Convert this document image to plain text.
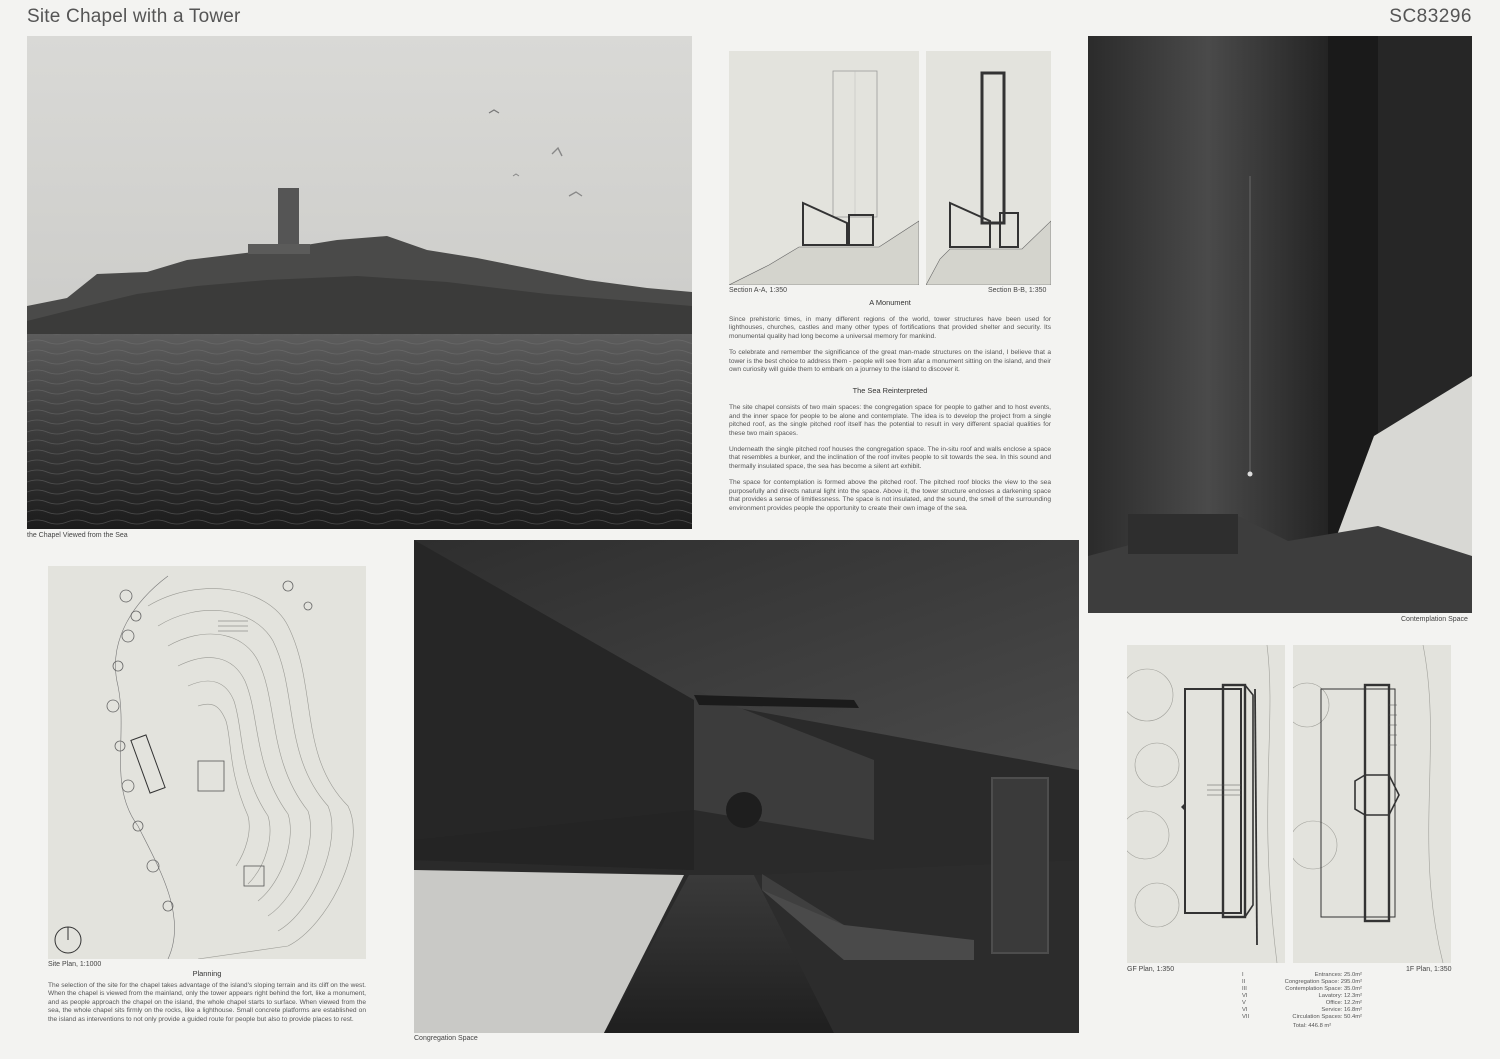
Site Chapel with a Tower	SC83296
the Chapel Viewed from the Sea
Section A-A, 1:350	Section B-B, 1:350
A Monument

Since prehistoric times, in many different regions of the world, tower structures have been used for lighthouses, churches, castles and many other types of fortifications that provided shelter and security. Its monumental quality had long become a universal memory for mankind.

To celebrate and remember the significance of the great man-made structures on the island, I believe that a tower is the best choice to address them - people will see from afar a monument sitting on the island, and their own curiosity will guide them to embark on a journey to the island to discover it.

The Sea Reinterpreted

The site chapel consists of two main spaces: the congregation space for people to gather and to host events, and the inner space for people to be alone and contemplate. The idea is to develop the project from a single pitched roof, as the single pitched roof itself has the potential to result in very different spacial qualities for these two main spaces.

Underneath the single pitched roof houses the congregation space. The in-situ roof and walls enclose a space that resembles a bunker, and the inclination of the roof invites people to sit towards the sea. In this sound and thermally insulated space, the sea has become a silent art exhibit.

The space for contemplation is formed above the pitched roof. The pitched roof blocks the view to the sea purposefully and directs natural light into the space. Above it, the tower structure encloses a darkening space that provides a sense of limitlessness. The space is not insulated, and the sound, the smell of the surrounding environment provides people the opportunity to create their own image of the sea.

Contemplation Space
Site Plan, 1:1000
Planning

The selection of the site for the chapel takes advantage of the island's sloping terrain and its cliff on the west. When the chapel is viewed from the mainland, only the tower appears right behind the fort, like a monument, and as people approach the chapel on the island, the whole chapel starts to surface. When viewed from the sea, the whole chapel sits firmly on the rocks, like a lighthouse. Small concrete platforms are established on the island as interventions to not only provide a guided route for people but also to provide places to rest.

Congregation Space
GF Plan, 1:350	1F Plan, 1:350
I	Entrances: 25.0m²
II	Congregation Space: 295.0m²
III	Contemplation Space: 35.0m²
VI	Lavatory: 12.3m²
V	Office: 12.2m²
VI	Service: 16.8m²
VII	Circulation Spaces: 50.4m²
Total: 446.8 m²
